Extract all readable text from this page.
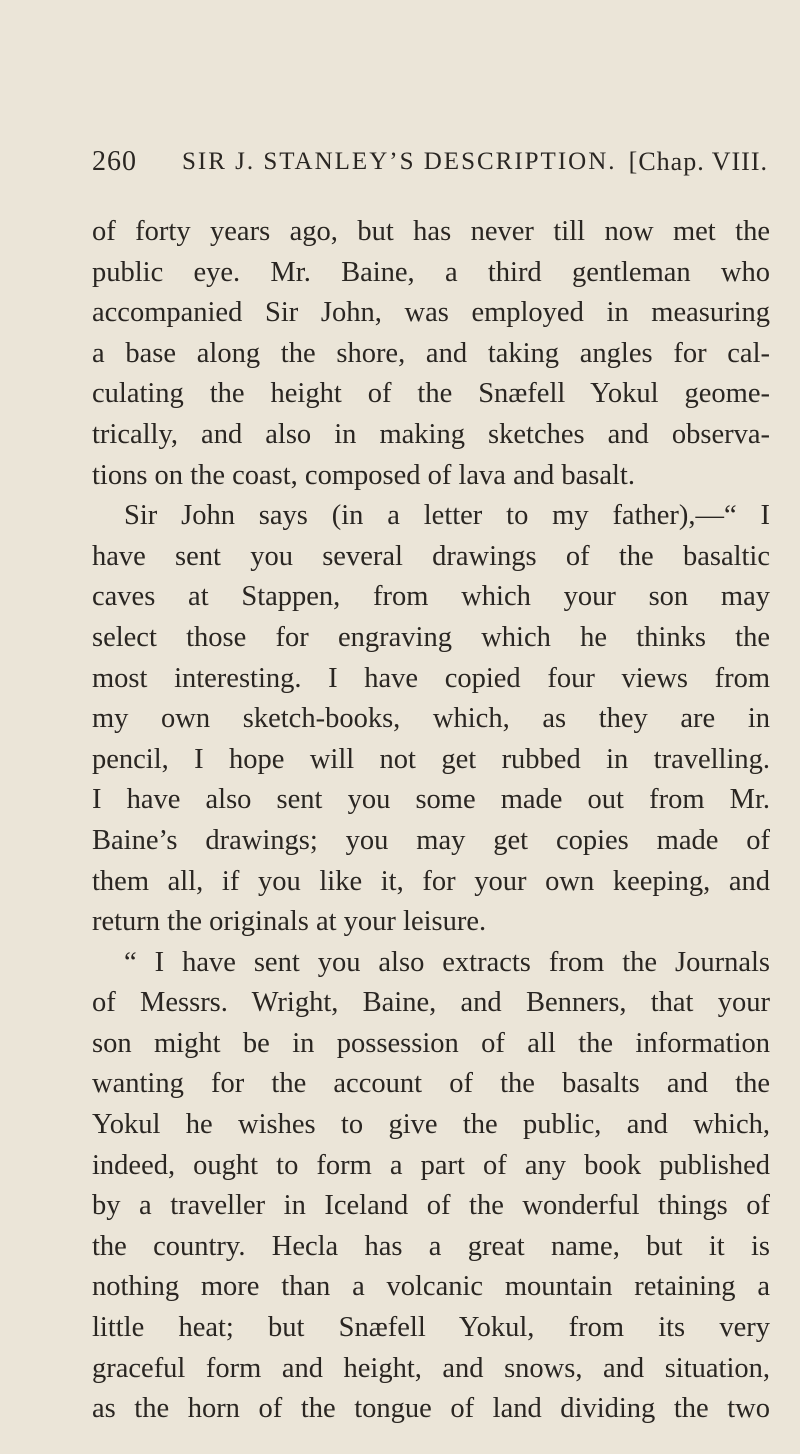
260 SIR J. STANLEY’S DESCRIPTION. [Chap. VIII.
of forty years ago, but has never till now met the
public eye. Mr. Baine, a third gentleman who
accompanied Sir John, was employed in measuring
a base along the shore, and taking angles for cal-
culating the height of the Snæfell Yokul geome-
trically, and also in making sketches and observa-
tions on the coast, composed of lava and basalt.
Sir John says (in a letter to my father),—“ I
have sent you several drawings of the basaltic
caves at Stappen, from which your son may
select those for engraving which he thinks the
most interesting. I have copied four views from
my own sketch-books, which, as they are in
pencil, I hope will not get rubbed in travelling.
I have also sent you some made out from Mr.
Baine’s drawings; you may get copies made of
them all, if you like it, for your own keeping, and
return the originals at your leisure.
“ I have sent you also extracts from the Journals
of Messrs. Wright, Baine, and Benners, that your
son might be in possession of all the information
wanting for the account of the basalts and the
Yokul he wishes to give the public, and which,
indeed, ought to form a part of any book published
by a traveller in Iceland of the wonderful things of
the country. Hecla has a great name, but it is
nothing more than a volcanic mountain retaining a
little heat; but Snæfell Yokul, from its very
graceful form and height, and snows, and situation,
as the horn of the tongue of land dividing the two
